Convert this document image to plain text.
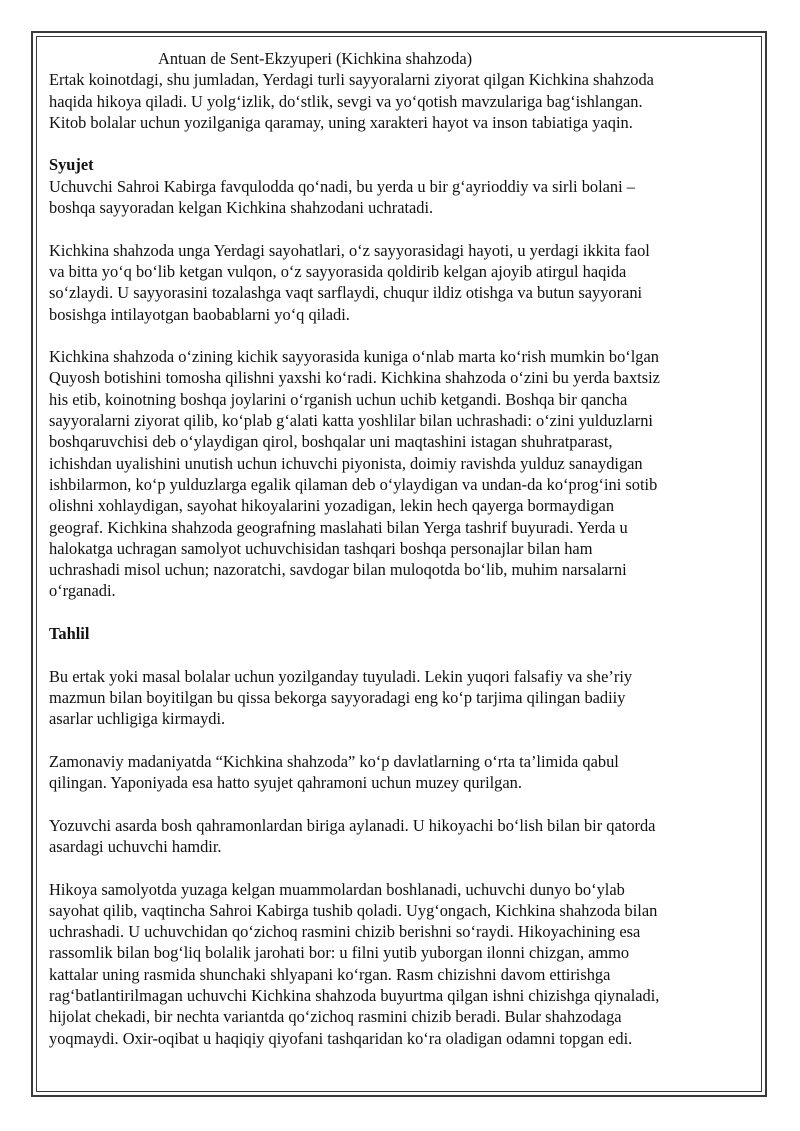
Antuan de Sent-Ekzyuperi (Kichkina shahzoda)

Ertak koinotdagi, shu jumladan, Yerdagi turli sayyoralarni ziyorat qilgan Kichkina shahzoda
haqida hikoya qiladi. U yolg‘izlik, do‘stlik, sevgi va yo‘qotish mavzulariga bag‘ishlangan.
Kitob bolalar uchun yozilganiga qaramay, uning xarakteri hayot va inson tabiatiga yaqin.

Syujet

Uchuvchi Sahroi Kabirga favqulodda qo‘nadi, bu yerda u bir g‘ayrioddiy va sirli bolani –
boshqa sayyoradan kelgan Kichkina shahzodani uchratadi.

Kichkina shahzoda unga Yerdagi sayohatlari, o‘z sayyorasidagi hayoti, u yerdagi ikkita faol
va bitta yo‘q bo‘lib ketgan vulqon, o‘z sayyorasida qoldirib kelgan ajoyib atirgul haqida
so‘zlaydi. U sayyorasini tozalashga vaqt sarflaydi, chuqur ildiz otishga va butun sayyorani
bosishga intilayotgan baobablarni yo‘q qiladi.

Kichkina shahzoda o‘zining kichik sayyorasida kuniga o‘nlab marta ko‘rish mumkin bo‘lgan
Quyosh botishini tomosha qilishni yaxshi ko‘radi. Kichkina shahzoda o‘zini bu yerda baxtsiz
his etib, koinotning boshqa joylarini o‘rganish uchun uchib ketgandi. Boshqa bir qancha
sayyoralarni ziyorat qilib, ko‘plab g‘alati katta yoshlilar bilan uchrashadi: o‘zini yulduzlarni
boshqaruvchisi deb o‘ylaydigan qirol, boshqalar uni maqtashini istagan shuhratparast,
ichishdan uyalishini unutish uchun ichuvchi piyonista, doimiy ravishda yulduz sanaydigan
ishbilarmon, ko‘p yulduzlarga egalik qilaman deb o‘ylaydigan va undan-da ko‘prog‘ini sotib
olishni xohlaydigan, sayohat hikoyalarini yozadigan, lekin hech qayerga bormaydigan
geograf. Kichkina shahzoda geografning maslahati bilan Yerga tashrif buyuradi. Yerda u
halokatga uchragan samolyot uchuvchisidan tashqari boshqa personajlar bilan ham
uchrashadi misol uchun; nazoratchi, savdogar bilan muloqotda bo‘lib, muhim narsalarni
o‘rganadi.

Tahlil

Bu ertak yoki masal bolalar uchun yozilganday tuyuladi. Lekin yuqori falsafiy va she’riy
mazmun bilan boyitilgan bu qissa bekorga sayyoradagi eng ko‘p tarjima qilingan badiiy
asarlar uchligiga kirmaydi.

Zamonaviy madaniyatda “Kichkina shahzoda” ko‘p davlatlarning o‘rta ta’limida qabul
qilingan. Yaponiyada esa hatto syujet qahramoni uchun muzey qurilgan.

Yozuvchi asarda bosh qahramonlardan biriga aylanadi. U hikoyachi bo‘lish bilan bir qatorda
asardagi uchuvchi hamdir.

Hikoya samolyotda yuzaga kelgan muammolardan boshlanadi, uchuvchi dunyo bo‘ylab
sayohat qilib, vaqtincha Sahroi Kabirga tushib qoladi. Uyg‘ongach, Kichkina shahzoda bilan
uchrashadi. U uchuvchidan qo‘zichoq rasmini chizib berishni so‘raydi. Hikoyachining esa
rassomlik bilan bog‘liq bolalik jarohati bor: u filni yutib yuborgan ilonni chizgan, ammo
kattalar uning rasmida shunchaki shlyapani ko‘rgan. Rasm chizishni davom ettirishga
rag‘batlantirilmagan uchuvchi Kichkina shahzoda buyurtma qilgan ishni chizishga qiynaladi,
hijolat chekadi, bir nechta variantda qo‘zichoq rasmini chizib beradi. Bular shahzodaga
yoqmaydi. Oxir-oqibat u haqiqiy qiyofani tashqaridan ko‘ra oladigan odamni topgan edi.
